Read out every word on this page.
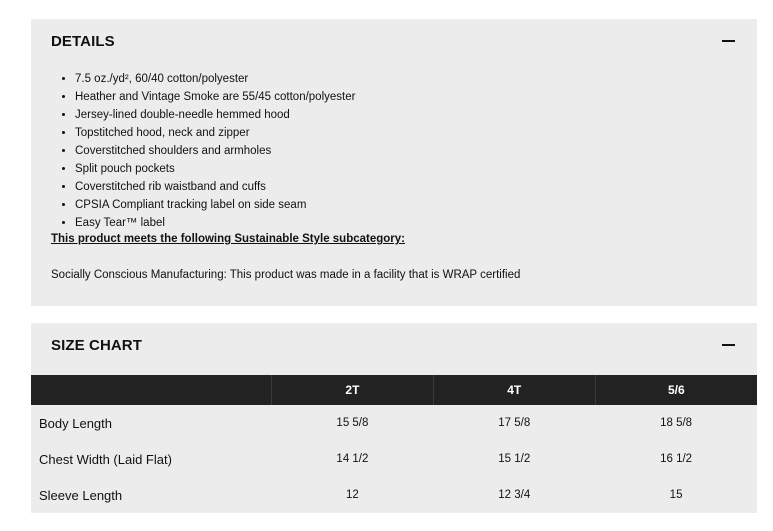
DETAILS
• 7.5 oz./yd², 60/40 cotton/polyester
• Heather and Vintage Smoke are 55/45 cotton/polyester
• Jersey-lined double-needle hemmed hood
• Topstitched hood, neck and zipper
• Coverstitched shoulders and armholes
• Split pouch pockets
• Coverstitched rib waistband and cuffs
• CPSIA Compliant tracking label on side seam
• Easy Tear™ label
This product meets the following Sustainable Style subcategory:
Socially Conscious Manufacturing: This product was made in a facility that is WRAP certified
SIZE CHART
	2T	4T	5/6
Body Length	15 5/8	17 5/8	18 5/8
Chest Width (Laid Flat)	14 1/2	15 1/2	16 1/2
Sleeve Length	12	12 3/4	15
